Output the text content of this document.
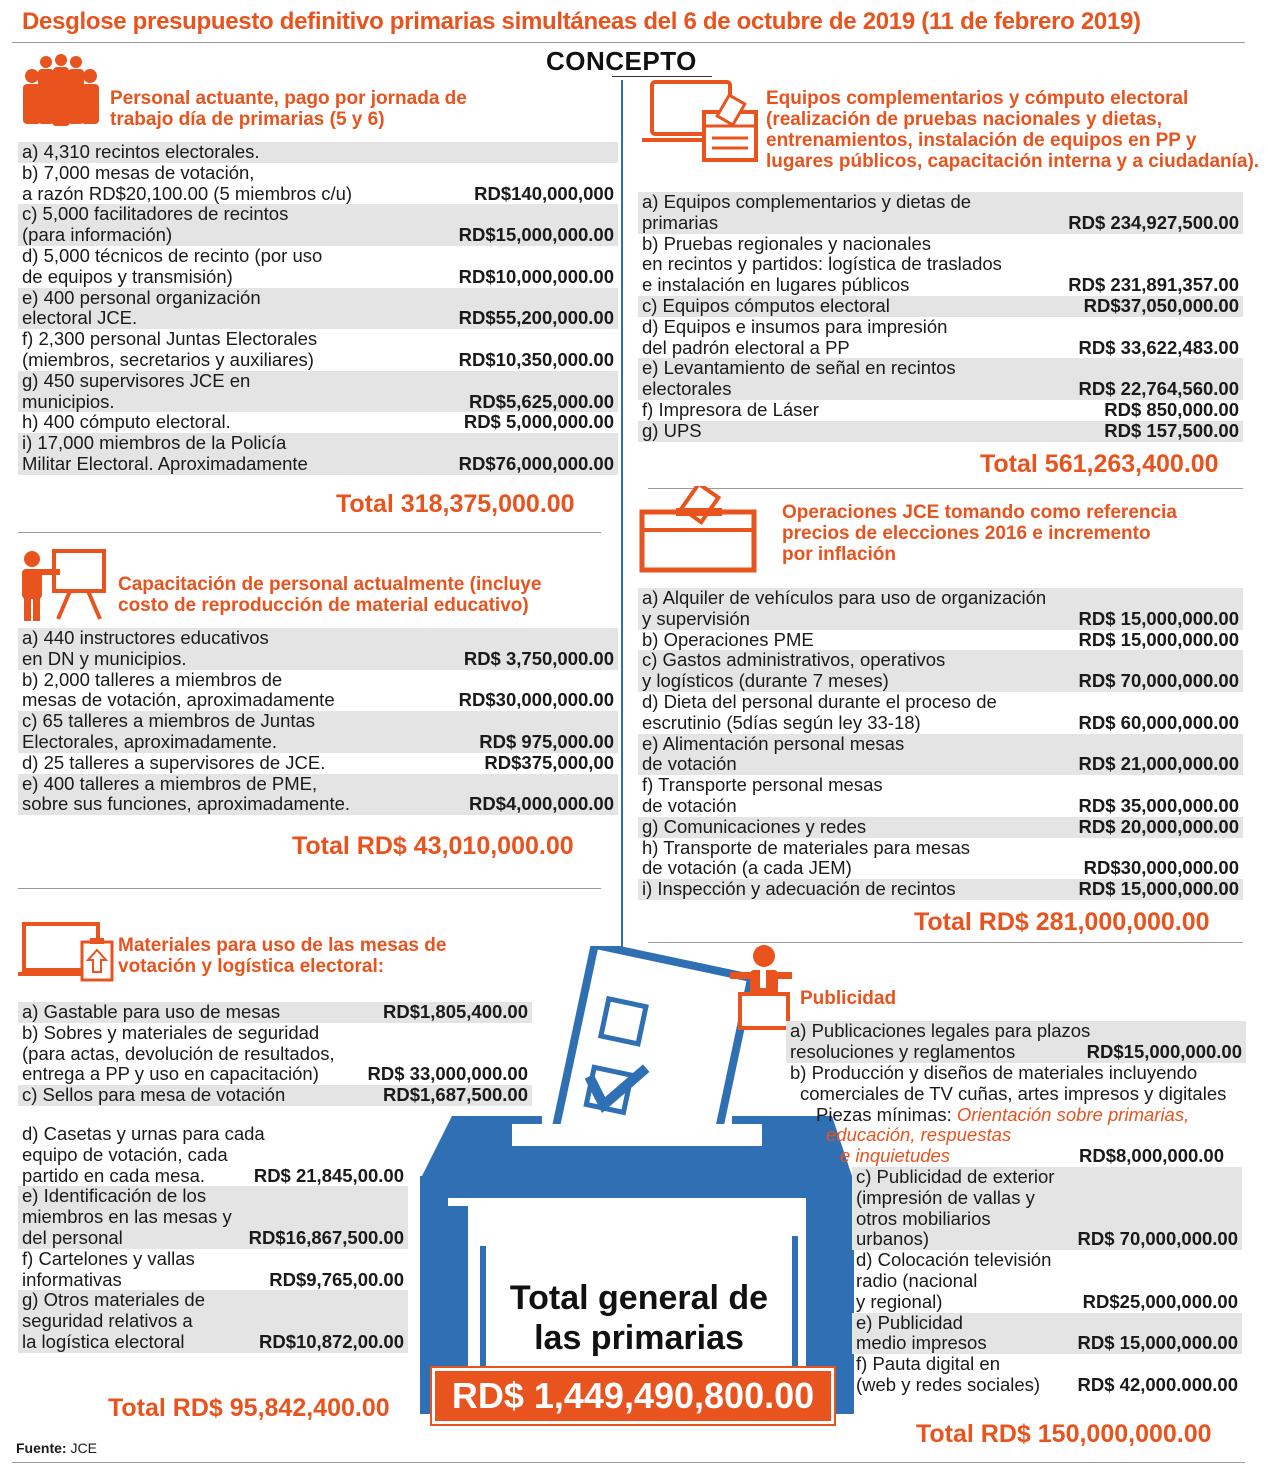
Desglose presupuesto definitivo primarias simultáneas del 6 de octubre de 2019 (11 de febrero 2019)
CONCEPTO
Personal actuante, pago por jornada de
trabajo día de primarias (5 y 6)
a) 4,310 recintos electorales.
b) 7,000 mesas de votación,
a razón RD$20,100.00 (5 miembros c/u)	RD$140,000,000
c) 5,000 facilitadores de recintos
(para información)	RD$15,000,000.00
d) 5,000 técnicos de recinto (por uso
de equipos y transmisión)	RD$10,000,000.00
e) 400 personal organización
electoral JCE.	RD$55,200,000.00
f) 2,300 personal Juntas Electorales
(miembros, secretarios y auxiliares)	RD$10,350,000.00
g) 450 supervisores JCE en
municipios.	RD$5,625,000.00
h) 400 cómputo electoral.	RD$ 5,000,000.00
i) 17,000 miembros de la Policía
Militar Electoral. Aproximadamente	RD$76,000,000.00
Total 318,375,000.00
Capacitación de personal actualmente (incluye
costo de reproducción de material educativo)
a) 440 instructores educativos
en DN y municipios.	RD$ 3,750,000.00
b) 2,000 talleres a miembros de
mesas de votación, aproximadamente	RD$30,000,000.00
c) 65 talleres a miembros de Juntas
Electorales, aproximadamente.	RD$ 975,000.00
d) 25 talleres a supervisores de JCE.	RD$375,000,00
e) 400 talleres a miembros de PME,
sobre sus funciones, aproximadamente.	RD$4,000,000.00
Total RD$ 43,010,000.00
Materiales para uso de las mesas de
votación y logística electoral:
a) Gastable para uso de mesas	RD$1,805,400.00
b) Sobres y materiales de seguridad
(para actas, devolución de resultados,
entrega a PP y uso en capacitación)	RD$ 33,000,000.00
c) Sellos para mesa de votación	RD$1,687,500.00
d) Casetas y urnas para cada
equipo de votación, cada
partido en cada mesa.	RD$ 21,845,00.00
e) Identificación de los
miembros en las mesas y
del personal	RD$16,867,500.00
f) Cartelones y vallas
informativas	RD$9,765,00.00
g) Otros materiales de
seguridad relativos a
la logística electoral	RD$10,872,00.00
Total RD$ 95,842,400.00
Equipos complementarios y cómputo electoral
(realización de pruebas nacionales y dietas,
entrenamientos, instalación de equipos en PP y
lugares públicos, capacitación interna y a ciudadanía).
a) Equipos complementarios y dietas de
primarias	RD$ 234,927,500.00
b) Pruebas regionales y nacionales
en recintos y partidos: logística de traslados
e instalación en lugares públicos	RD$ 231,891,357.00
c) Equipos cómputos electoral	RD$37,050,000.00
d) Equipos e insumos para impresión
del padrón electoral a PP	RD$ 33,622,483.00
e) Levantamiento de señal en recintos
electorales	RD$ 22,764,560.00
f) Impresora de Láser	RD$ 850,000.00
g) UPS	RD$ 157,500.00
Total 561,263,400.00
Operaciones JCE tomando como referencia
precios de elecciones 2016 e incremento
por inflación
a) Alquiler de vehículos para uso de organización
y supervisión	RD$ 15,000,000.00
b) Operaciones PME	RD$ 15,000,000.00
c) Gastos administrativos, operativos
y logísticos (durante 7 meses)	RD$ 70,000,000.00
d) Dieta del personal durante el proceso de
escrutinio (5días según ley 33-18)	RD$ 60,000,000.00
e) Alimentación personal mesas
de votación	RD$ 21,000,000.00
f) Transporte personal mesas
de votación	RD$ 35,000,000.00
g) Comunicaciones y redes	RD$ 20,000,000.00
h) Transporte de materiales para mesas
de votación (a cada JEM)	RD$30,000,000.00
i) Inspección y adecuación de recintos	RD$ 15,000,000.00
Total RD$ 281,000,000.00
Total general de
las primarias
RD$ 1,449,490,800.00
Publicidad
a) Publicaciones legales para plazos
resoluciones y reglamentos	RD$15,000,000.00
b) Producción y diseños de materiales incluyendo
comerciales de TV cuñas, artes impresos y digitales
Piezas mínimas: Orientación sobre primarias,
educación, respuestas
e inquietudes	RD$8,000,000.00
c) Publicidad de exterior
(impresión de vallas y
otros mobiliarios
urbanos)	RD$ 70,000,000.00
d) Colocación televisión
radio (nacional
y regional)	RD$25,000,000.00
e) Publicidad
medio impresos	RD$ 15,000,000.00
f) Pauta digital en
(web y redes sociales)	RD$ 42,000.000.00
Total RD$ 150,000,000.00
Fuente: JCE
